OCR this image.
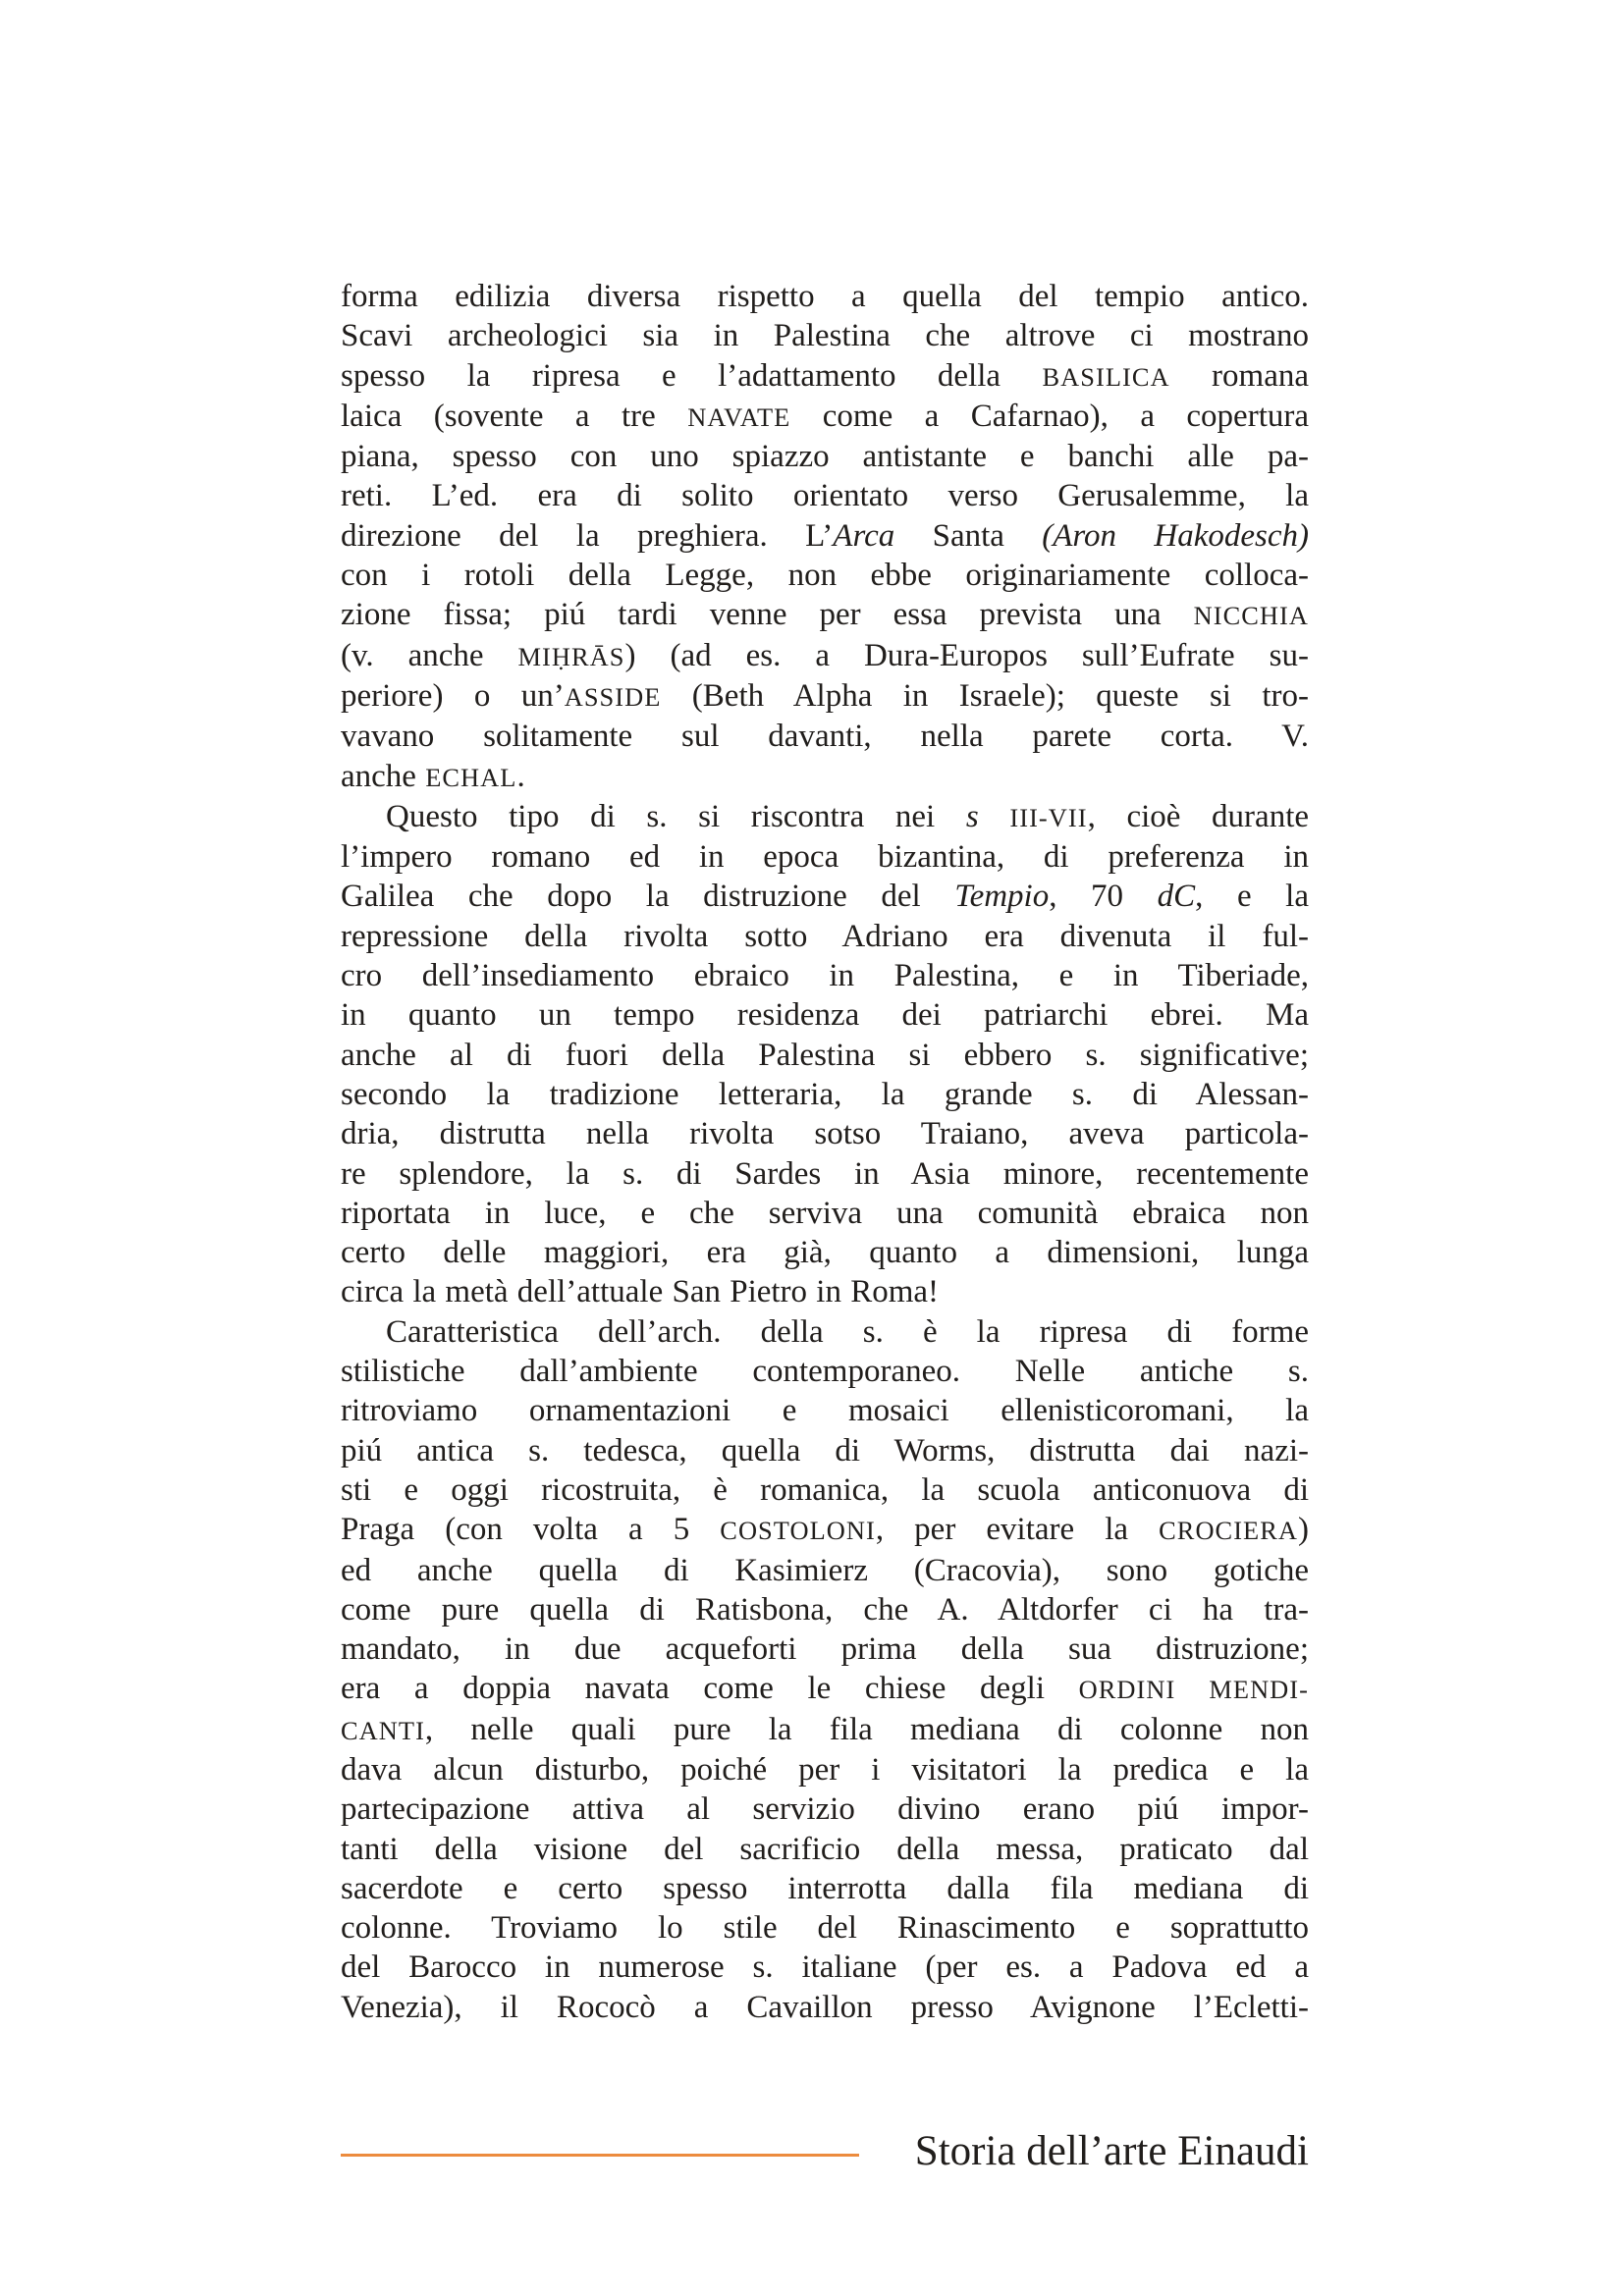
forma edilizia diversa rispetto a quella del tempio antico.
Scavi archeologici sia in Palestina che altrove ci mostrano
spesso la ripresa e l’adattamento della BASILICA romana
laica (sovente a tre NAVATE come a Cafarnao), a copertura
piana, spesso con uno spiazzo antistante e banchi alle pa-
reti. L’ed. era di solito orientato verso Gerusalemme, la
direzione del la preghiera. L’Arca Santa (Aron Hakodesch)
con i rotoli della Legge, non ebbe originariamente colloca-
zione fissa; piú tardi venne per essa prevista una NICCHIA
(v. anche MIḤRĀS) (ad es. a Dura-Europos sull’Eufrate su-
periore) o un’ASSIDE (Beth Alpha in Israele); queste si tro-
vavano solitamente sul davanti, nella parete corta. V.
anche ECHAL.
Questo tipo di s. si riscontra nei s III-VII, cioè durante
l’impero romano ed in epoca bizantina, di preferenza in
Galilea che dopo la distruzione del Tempio, 70 dC, e la
repressione della rivolta sotto Adriano era divenuta il ful-
cro dell’insediamento ebraico in Palestina, e in Tiberiade,
in quanto un tempo residenza dei patriarchi ebrei. Ma
anche al di fuori della Palestina si ebbero s. significative;
secondo la tradizione letteraria, la grande s. di Alessan-
dria, distrutta nella rivolta sotso Traiano, aveva particola-
re splendore, la s. di Sardes in Asia minore, recentemente
riportata in luce, e che serviva una comunità ebraica non
certo delle maggiori, era già, quanto a dimensioni, lunga
circa la metà dell’attuale San Pietro in Roma!
Caratteristica dell’arch. della s. è la ripresa di forme
stilistiche dall’ambiente contemporaneo. Nelle antiche s.
ritroviamo ornamentazioni e mosaici ellenisticoromani, la
piú antica s. tedesca, quella di Worms, distrutta dai nazi-
sti e oggi ricostruita, è romanica, la scuola anticonuova di
Praga (con volta a 5 COSTOLONI, per evitare la CROCIERA)
ed anche quella di Kasimierz (Cracovia), sono gotiche
come pure quella di Ratisbona, che A. Altdorfer ci ha tra-
mandato, in due acqueforti prima della sua distruzione;
era a doppia navata come le chiese degli ORDINI MENDI-
CANTI, nelle quali pure la fila mediana di colonne non
dava alcun disturbo, poiché per i visitatori la predica e la
partecipazione attiva al servizio divino erano piú impor-
tanti della visione del sacrificio della messa, praticato dal
sacerdote e certo spesso interrotta dalla fila mediana di
colonne. Troviamo lo stile del Rinascimento e soprattutto
del Barocco in numerose s. italiane (per es. a Padova ed a
Venezia), il Rococò a Cavaillon presso Avignone l’Ecletti-
Storia dell’arte Einaudi
